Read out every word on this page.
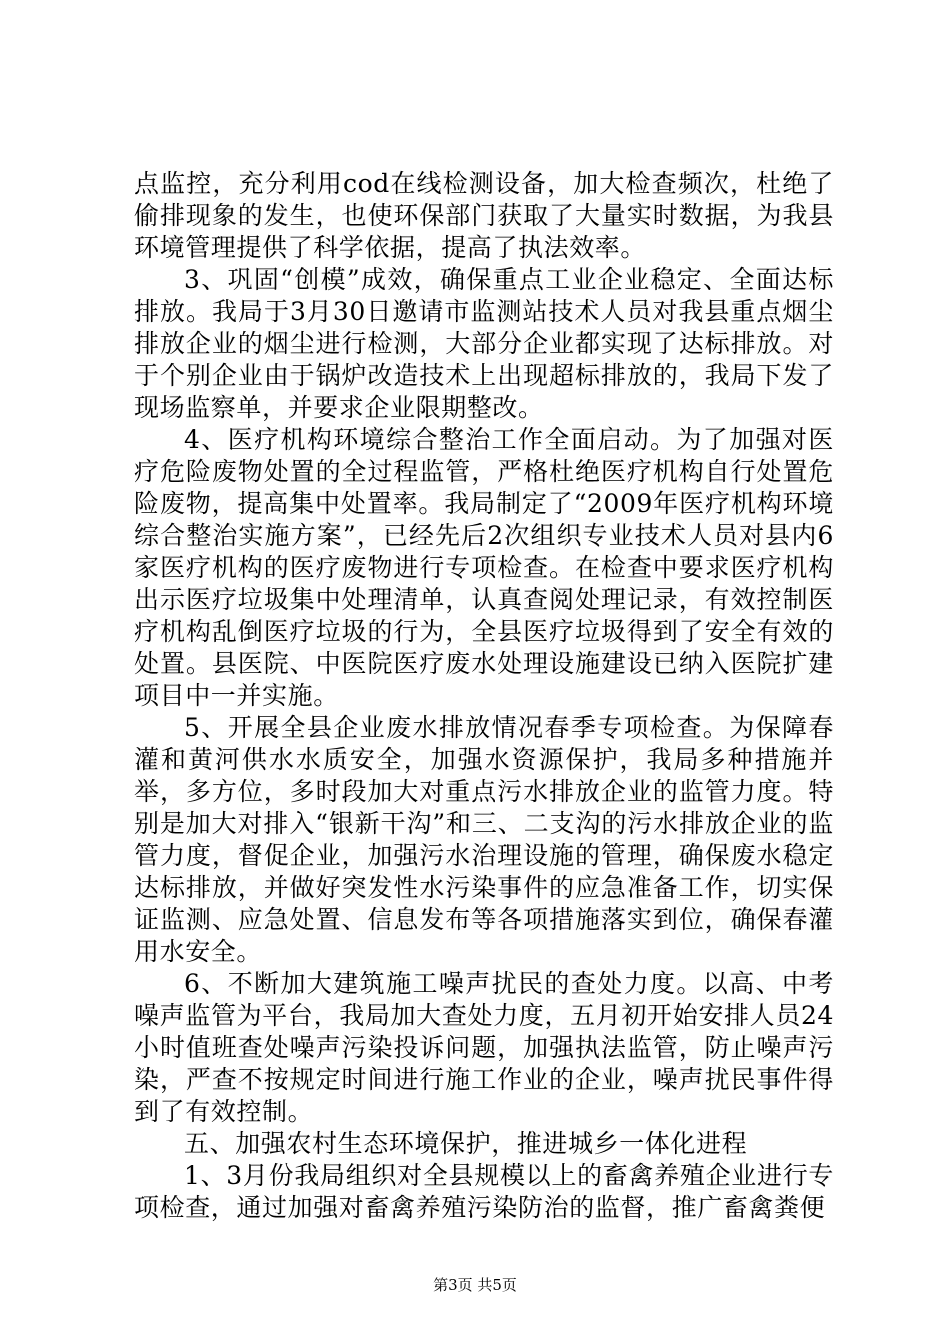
点监控，充分利用cod在线检测设备，加大检查频次，杜绝了偷排现象的发生，也使环保部门获取了大量实时数据，为我县环境管理提供了科学依据，提高了执法效率。

3、巩固“创模”成效，确保重点工业企业稳定、全面达标排放。我局于3月30日邀请市监测站技术人员对我县重点烟尘排放企业的烟尘进行检测，大部分企业都实现了达标排放。对于个别企业由于锅炉改造技术上出现超标排放的，我局下发了现场监察单，并要求企业限期整改。

4、医疗机构环境综合整治工作全面启动。为了加强对医疗危险废物处置的全过程监管，严格杜绝医疗机构自行处置危险废物，提高集中处置率。我局制定了“2009年医疗机构环境综合整治实施方案”，已经先后2次组织专业技术人员对县内6家医疗机构的医疗废物进行专项检查。在检查中要求医疗机构出示医疗垃圾集中处理清单，认真查阅处理记录，有效控制医疗机构乱倒医疗垃圾的行为，全县医疗垃圾得到了安全有效的处置。县医院、中医院医疗废水处理设施建设已纳入医院扩建项目中一并实施。

5、开展全县企业废水排放情况春季专项检查。为保障春灌和黄河供水水质安全，加强水资源保护，我局多种措施并举，多方位，多时段加大对重点污水排放企业的监管力度。特别是加大对排入“银新干沟”和三、二支沟的污水排放企业的监管力度，督促企业，加强污水治理设施的管理，确保废水稳定达标排放，并做好突发性水污染事件的应急准备工作，切实保证监测、应急处置、信息发布等各项措施落实到位，确保春灌用水安全。

6、不断加大建筑施工噪声扰民的查处力度。以高、中考噪声监管为平台，我局加大查处力度，五月初开始安排人员24小时值班查处噪声污染投诉问题，加强执法监管，防止噪声污染，严查不按规定时间进行施工作业的企业，噪声扰民事件得到了有效控制。

五、加强农村生态环境保护，推进城乡一体化进程

1、3月份我局组织对全县规模以上的畜禽养殖企业进行专项检查，通过加强对畜禽养殖污染防治的监督，推广畜禽粪便

第3页 共5页
